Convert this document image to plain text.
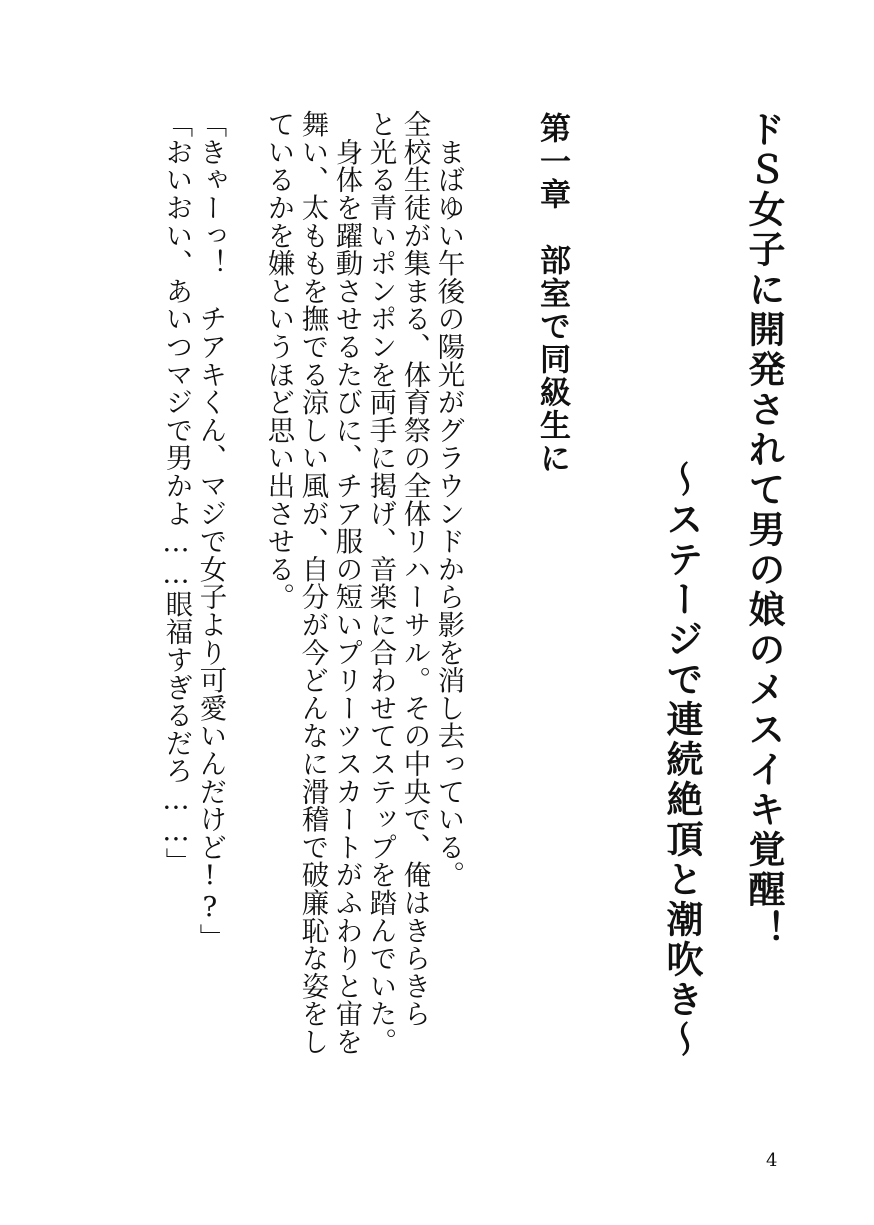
ドＳ女子に開発されて男の娘のメスイキ覚醒！
～ステージで連続絶頂と潮吹き～
第一章　部室で同級生に
　まばゆい午後の陽光がグラウンドから影を消し去っている。
全校生徒が集まる、体育祭の全体リハーサル。その中央で、俺はきらきら
と光る青いポンポンを両手に掲げ、音楽に合わせてステップを踏んでいた。
　身体を躍動させるたびに、チア服の短いプリーツスカートがふわりと宙を
舞い、太ももを撫でる涼しい風が、自分が今どんなに滑稽で破廉恥な姿をし
ているかを嫌というほど思い出させる。
「きゃーっ！　チアキくん、マジで女子より可愛いんだけど!?」
「おいおい、あいつマジで男かよ……眼福すぎるだろ……」
4
